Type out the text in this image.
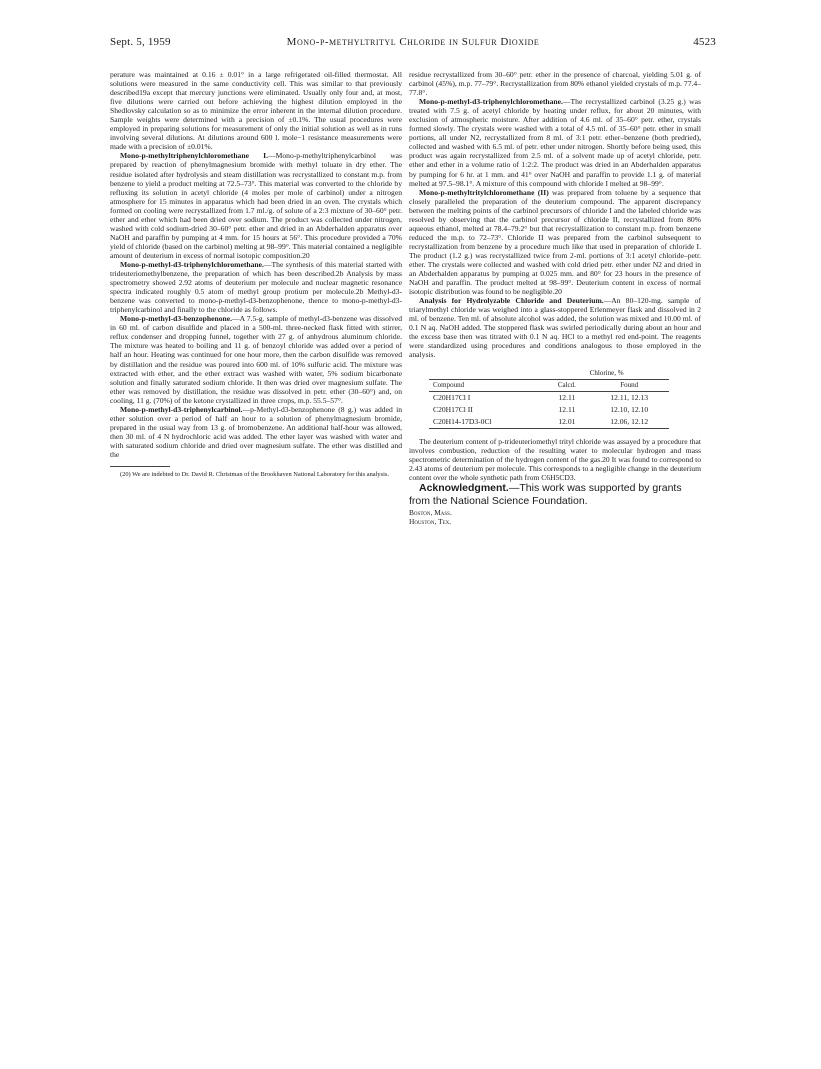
Sept. 5, 1959	Mono-p-methyltrityl Chloride in Sulfur Dioxide	4523

perature was maintained at 0.16 ± 0.01° in a large refrigerated oil-filled thermostat. All solutions were measured in the same conductivity cell. This was similar to that previously described19a except that mercury junctions were eliminated. Usually only four and, at most, five dilutions were carried out before achieving the highest dilution employed in the Shedlovsky calculation so as to minimize the error inherent in the internal dilution procedure. Sample weights were determined with a precision of ±0.1%. The usual procedures were employed in preparing solutions for measurement of only the initial solution as well as in runs involving several dilutions. At dilutions around 600 l. mole−1 resistance measurements were made with a precision of ±0.01%.

Mono-p-methyltriphenylchloromethane I.—Mono-p-methyltriphenylcarbinol was prepared by reaction of phenylmagnesium bromide with methyl toluate in dry ether. The residue isolated after hydrolysis and steam distillation was recrystallized to constant m.p. from benzene to yield a product melting at 72.5–73°. This material was converted to the chloride by refluxing its solution in acetyl chloride (4 moles per mole of carbinol) under a nitrogen atmosphere for 15 minutes in apparatus which had been dried in an oven. The crystals which formed on cooling were recrystallized from 1.7 ml./g. of solute of a 2:3 mixture of 30–60° petr. ether and ether which had been dried over sodium. The product was collected under nitrogen, washed with cold sodium-dried 30–60° petr. ether and dried in an Abderhalden apparatus over NaOH and paraffin by pumping at 4 mm. for 15 hours at 56°. This procedure provided a 70% yield of chloride (based on the carbinol) melting at 98–99°. This material contained a negligible amount of deuterium in excess of normal isotopic composition.20

Mono-p-methyl-d3-triphenylchloromethane.—The synthesis of this material started with trideuteriomethylbenzene, the preparation of which has been described.2b Analysis by mass spectrometry showed 2.92 atoms of deuterium per molecule and nuclear magnetic resonance spectra indicated roughly 0.5 atom of methyl group protium per molecule.2b Methyl-d3-benzene was converted to mono-p-methyl-d3-benzophenone, thence to mono-p-methyl-d3-triphenylcarbinol and finally to the chloride as follows.

Mono-p-methyl-d3-benzophenone.—A 7.5-g. sample of methyl-d3-benzene was dissolved in 60 ml. of carbon disulfide and placed in a 500-ml. three-necked flask fitted with stirrer, reflux condenser and dropping funnel, together with 27 g. of anhydrous aluminum chloride. The mixture was heated to boiling and 11 g. of benzoyl chloride was added over a period of half an hour. Heating was continued for one hour more, then the carbon disulfide was removed by distillation and the residue was poured into 600 ml. of 10% sulfuric acid. The mixture was extracted with ether, and the ether extract was washed with water, 5% sodium bicarbonate solution and finally saturated sodium chloride. It then was dried over magnesium sulfate. The ether was removed by distillation, the residue was dissolved in petr. ether (30–60°) and, on cooling, 11 g. (70%) of the ketone crystallized in three crops, m.p. 55.5–57°.

Mono-p-methyl-d3-triphenylcarbinol.—p-Methyl-d3-benzophenone (8 g.) was added in ether solution over a period of half an hour to a solution of phenylmagnesium bromide, prepared in the usual way from 13 g. of bromobenzene. An additional half-hour was allowed, then 30 ml. of 4 N hydrochloric acid was added. The ether layer was washed with water and with saturated sodium chloride and dried over magnesium sulfate. The ether was distilled and the

(20) We are indebted to Dr. David R. Christman of the Brookhaven National Laboratory for this analysis.

residue recrystallized from 30–60° petr. ether in the presence of charcoal, yielding 5.01 g. of carbinol (45%), m.p. 77–79°. Recrystallization from 80% ethanol yielded crystals of m.p. 77.4–77.8°.

Mono-p-methyl-d3-triphenylchloromethane.—The recrystallized carbinol (3.25 g.) was treated with 7.5 g. of acetyl chloride by heating under reflux, for about 20 minutes, with exclusion of atmospheric moisture. After addition of 4.6 ml. of 35–60° petr. ether, crystals formed slowly. The crystals were washed with a total of 4.5 ml. of 35–60° petr. ether in small portions, all under N2, recrystallized from 8 ml. of 3:1 petr. ether–benzene (both predried), collected and washed with 6.5 ml. of petr. ether under nitrogen. Shortly before being used, this product was again recrystallized from 2.5 ml. of a solvent made up of acetyl chloride, petr. ether and ether in a volume ratio of 1:2:2. The product was dried in an Abderhalden apparatus by pumping for 6 hr. at 1 mm. and 41° over NaOH and paraffin to provide 1.1 g. of material melted at 97.5–98.1°. A mixture of this compound with chloride I melted at 98–99°.

Mono-p-methyltritylchloromethane (II) was prepared from toluene by a sequence that closely paralleled the preparation of the deuterium compound. The apparent discrepancy between the melting points of the carbinol precursors of chloride I and the labeled chloride was resolved by observing that the carbinol precursor of chloride II, recrystallized from 80% aqueous ethanol, melted at 78.4–79.2° but that recrystallization to constant m.p. from benzene reduced the m.p. to 72–73°. Chloride II was prepared from the carbinol subsequent to recrystallization from benzene by a procedure much like that used in preparation of chloride I. The product (1.2 g.) was recrystallized twice from 2-ml. portions of 3:1 acetyl chloride–petr. ether. The crystals were collected and washed with cold dried petr. ether under N2 and dried in an Abderhalden apparatus by pumping at 0.025 mm. and 80° for 23 hours in the presence of NaOH and paraffin. The product melted at 98–99°. Deuterium content in excess of normal isotopic distribution was found to be negligible.20

Analysis for Hydrolyzable Chloride and Deuterium.—An 80–120-mg. sample of triarylmethyl chloride was weighed into a glass-stoppered Erlenmeyer flask and dissolved in 2 ml. of benzene. Ten ml. of absolute alcohol was added, the solution was mixed and 10.00 ml. of 0.1 N aq. NaOH added. The stoppered flask was swirled periodically during about an hour and the excess base then was titrated with 0.1 N aq. HCl to a methyl red end-point. The reagents were standardized using procedures and conditions analogous to those employed in the analysis.

	Chlorine, %	
Compound	Calcd.	Found
C20H17Cl I	12.11	12.11, 12.13
C20H17Cl II	12.11	12.10, 12.10
C20H14-17D3-0Cl	12.01	12.06, 12.12

The deuterium content of p-trideuteriomethyl trityl chloride was assayed by a procedure that involves combustion, reduction of the resulting water to molecular hydrogen and mass spectrometric determination of the hydrogen content of the gas.20 It was found to correspond to 2.43 atoms of deuterium per molecule. This corresponds to a negligible change in the deuterium content over the whole synthetic path from C6H5CD3.

Acknowledgment.—This work was supported by grants from the National Science Foundation.

Boston, Mass.
Houston, Tex.
